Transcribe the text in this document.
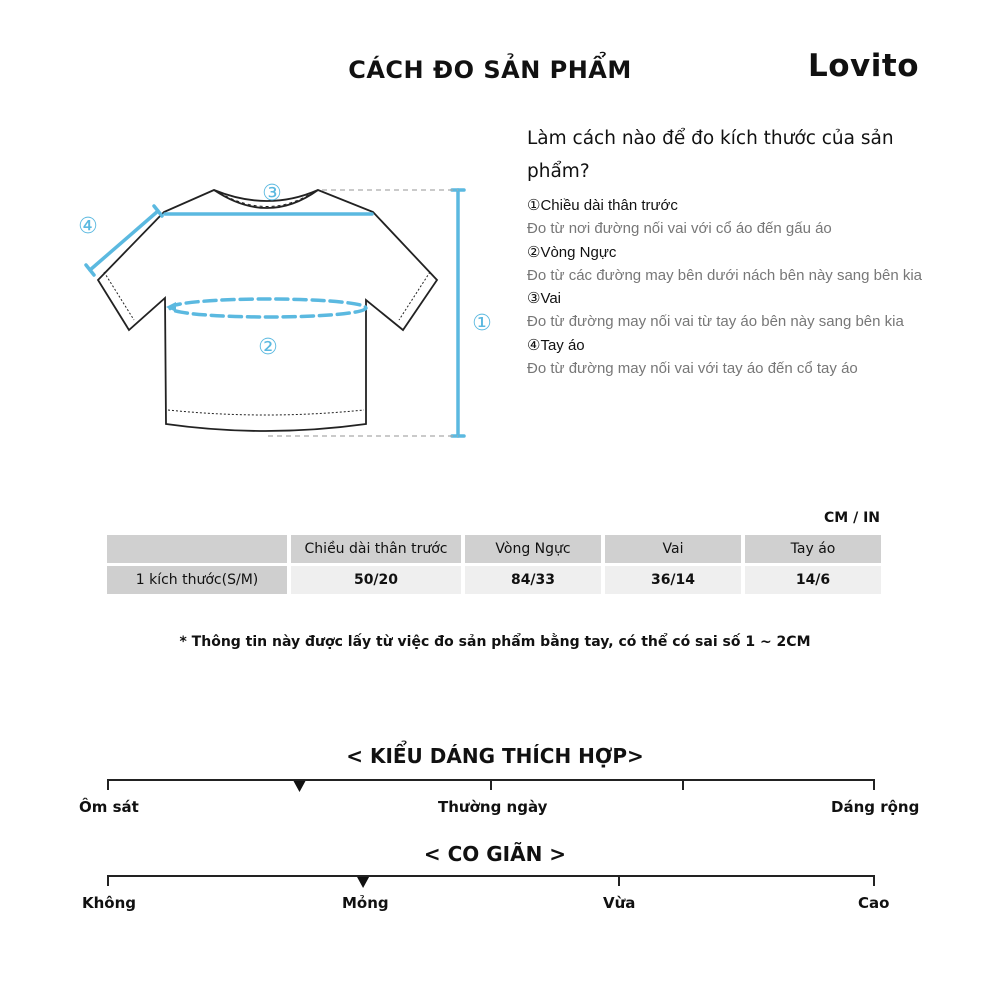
CÁCH ĐO SẢN PHẨM	Lovito
①
②
③
④
Làm cách nào để đo kích thước của sản phẩm?
①Chiều dài thân trước
Đo từ nơi đường nối vai với cổ áo đến gấu áo
②Vòng Ngực
Đo từ các đường may bên dưới nách bên này sang bên kia
③Vai
Đo từ đường may nối vai từ tay áo bên này sang bên kia
④Tay áo
Đo từ đường may nối vai với tay áo đến cổ tay áo
CM / IN
	Chiều dài thân trước	Vòng Ngực	Vai	Tay áo
1 kích thước(S/M)	50/20	84/33	36/14	14/6
* Thông tin này được lấy từ việc đo sản phẩm bằng tay, có thể có sai số 1 ~ 2CM
< KIỂU DÁNG THÍCH HỢP>
Ôm sát	Thường ngày	Dáng rộng
< CO GIÃN >
Không	Mỏng	Vừa	Cao
